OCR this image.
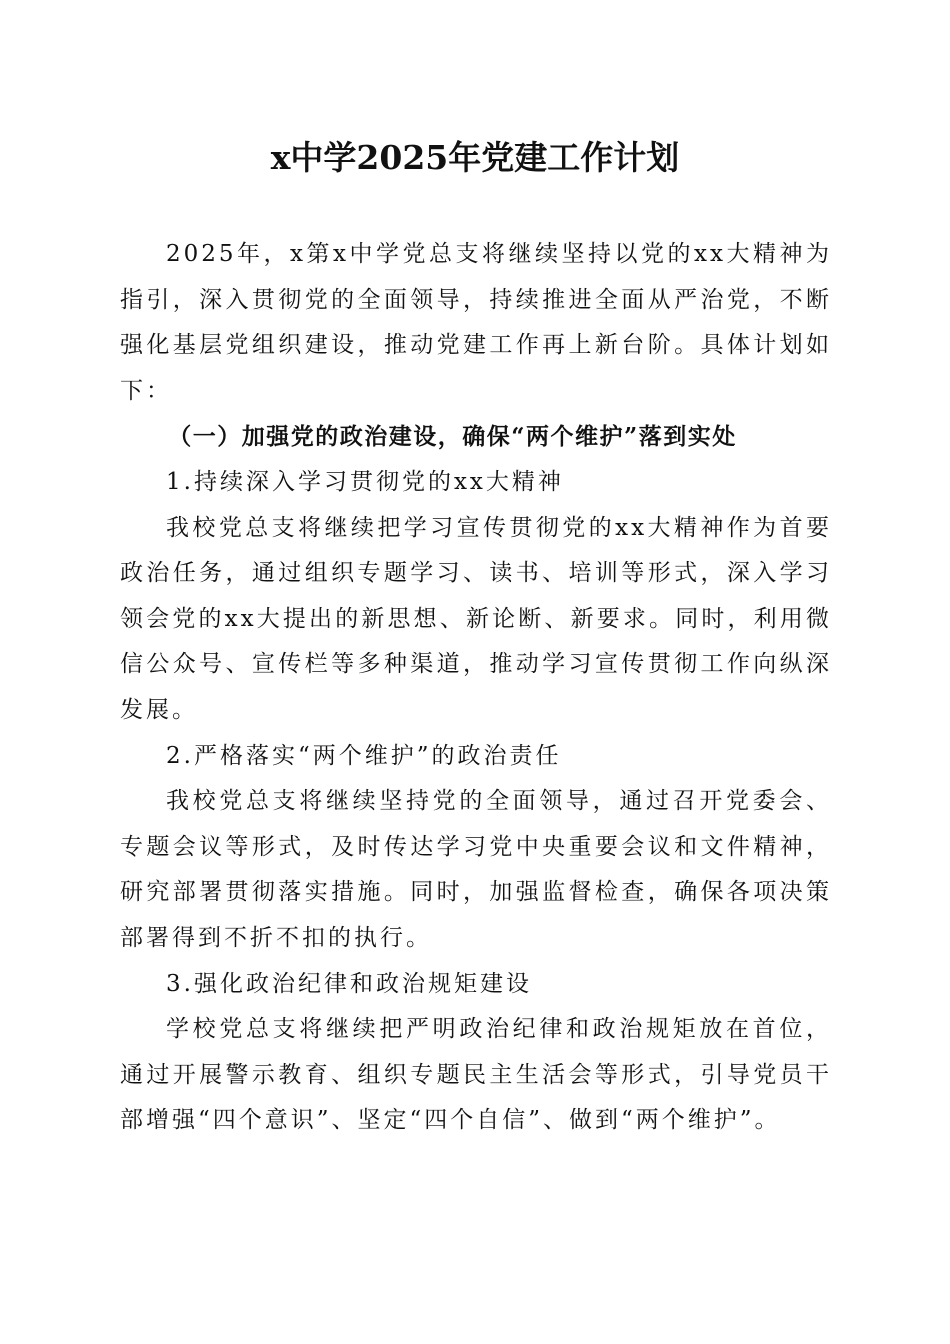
x中学2025年党建工作计划

2025年，x第x中学党总支将继续坚持以党的xx大精神为指引，深入贯彻党的全面领导，持续推进全面从严治党，不断强化基层党组织建设，推动党建工作再上新台阶。具体计划如下：

（一）加强党的政治建设，确保“两个维护”落到实处

1.持续深入学习贯彻党的xx大精神

我校党总支将继续把学习宣传贯彻党的xx大精神作为首要政治任务，通过组织专题学习、读书、培训等形式，深入学习领会党的xx大提出的新思想、新论断、新要求。同时，利用微信公众号、宣传栏等多种渠道，推动学习宣传贯彻工作向纵深发展。

2.严格落实“两个维护”的政治责任

我校党总支将继续坚持党的全面领导，通过召开党委会、专题会议等形式，及时传达学习党中央重要会议和文件精神，研究部署贯彻落实措施。同时，加强监督检查，确保各项决策部署得到不折不扣的执行。

3.强化政治纪律和政治规矩建设

学校党总支将继续把严明政治纪律和政治规矩放在首位，通过开展警示教育、组织专题民主生活会等形式，引导党员干部增强“四个意识”、坚定“四个自信”、做到“两个维护”。
